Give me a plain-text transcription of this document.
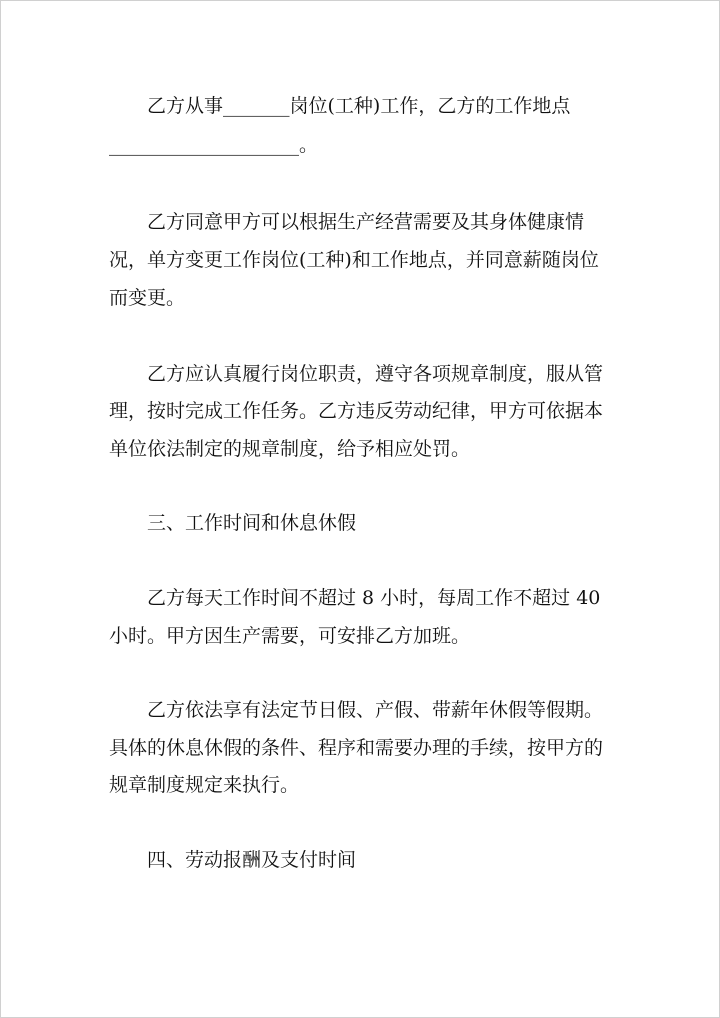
乙方从事_______岗位(工种)工作，乙方的工作地点
____________________。
乙方同意甲方可以根据生产经营需要及其身体健康情
况，单方变更工作岗位(工种)和工作地点，并同意薪随岗位
而变更。
乙方应认真履行岗位职责，遵守各项规章制度，服从管
理，按时完成工作任务。乙方违反劳动纪律，甲方可依据本
单位依法制定的规章制度，给予相应处罚。
三、工作时间和休息休假
乙方每天工作时间不超过 8 小时，每周工作不超过 40
小时。甲方因生产需要，可安排乙方加班。
乙方依法享有法定节日假、产假、带薪年休假等假期。
具体的休息休假的条件、程序和需要办理的手续，按甲方的
规章制度规定来执行。
四、劳动报酬及支付时间
